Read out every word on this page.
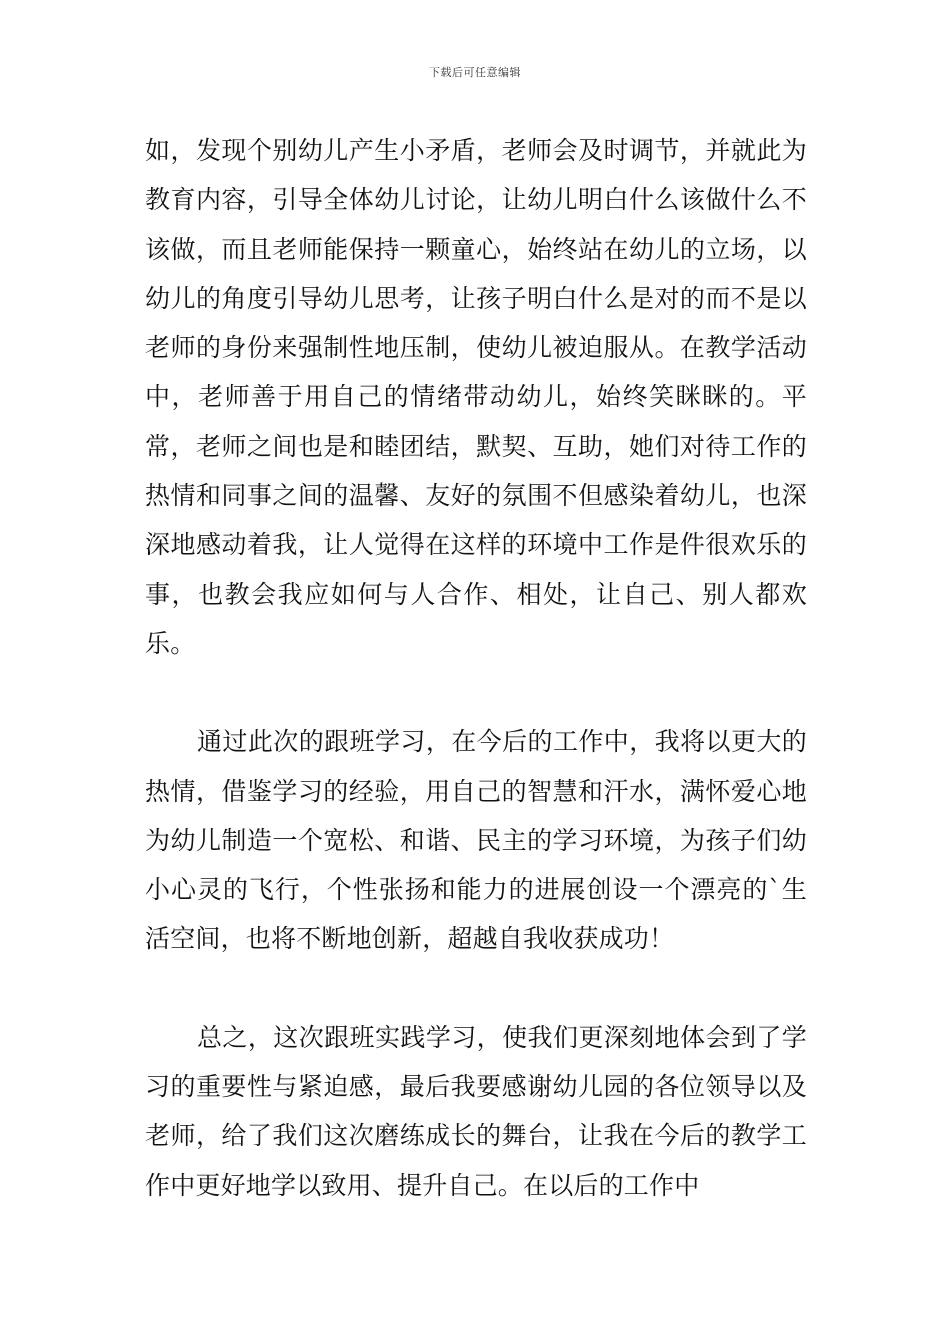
下载后可任意编辑

如，发现个别幼儿产生小矛盾，老师会及时调节，并就此为教育内容，引导全体幼儿讨论，让幼儿明白什么该做什么不该做，而且老师能保持一颗童心，始终站在幼儿的立场，以幼儿的角度引导幼儿思考，让孩子明白什么是对的而不是以老师的身份来强制性地压制，使幼儿被迫服从。在教学活动中，老师善于用自己的情绪带动幼儿，始终笑眯眯的。平常，老师之间也是和睦团结，默契、互助，她们对待工作的热情和同事之间的温馨、友好的氛围不但感染着幼儿，也深深地感动着我，让人觉得在这样的环境中工作是件很欢乐的事，也教会我应如何与人合作、相处，让自己、别人都欢乐。

通过此次的跟班学习，在今后的工作中，我将以更大的热情，借鉴学习的经验，用自己的智慧和汗水，满怀爱心地为幼儿制造一个宽松、和谐、民主的学习环境，为孩子们幼小心灵的飞行，个性张扬和能力的进展创设一个漂亮的`生活空间，也将不断地创新，超越自我收获成功！

总之，这次跟班实践学习，使我们更深刻地体会到了学习的重要性与紧迫感，最后我要感谢幼儿园的各位领导以及老师，给了我们这次磨练成长的舞台，让我在今后的教学工作中更好地学以致用、提升自己。在以后的工作中
